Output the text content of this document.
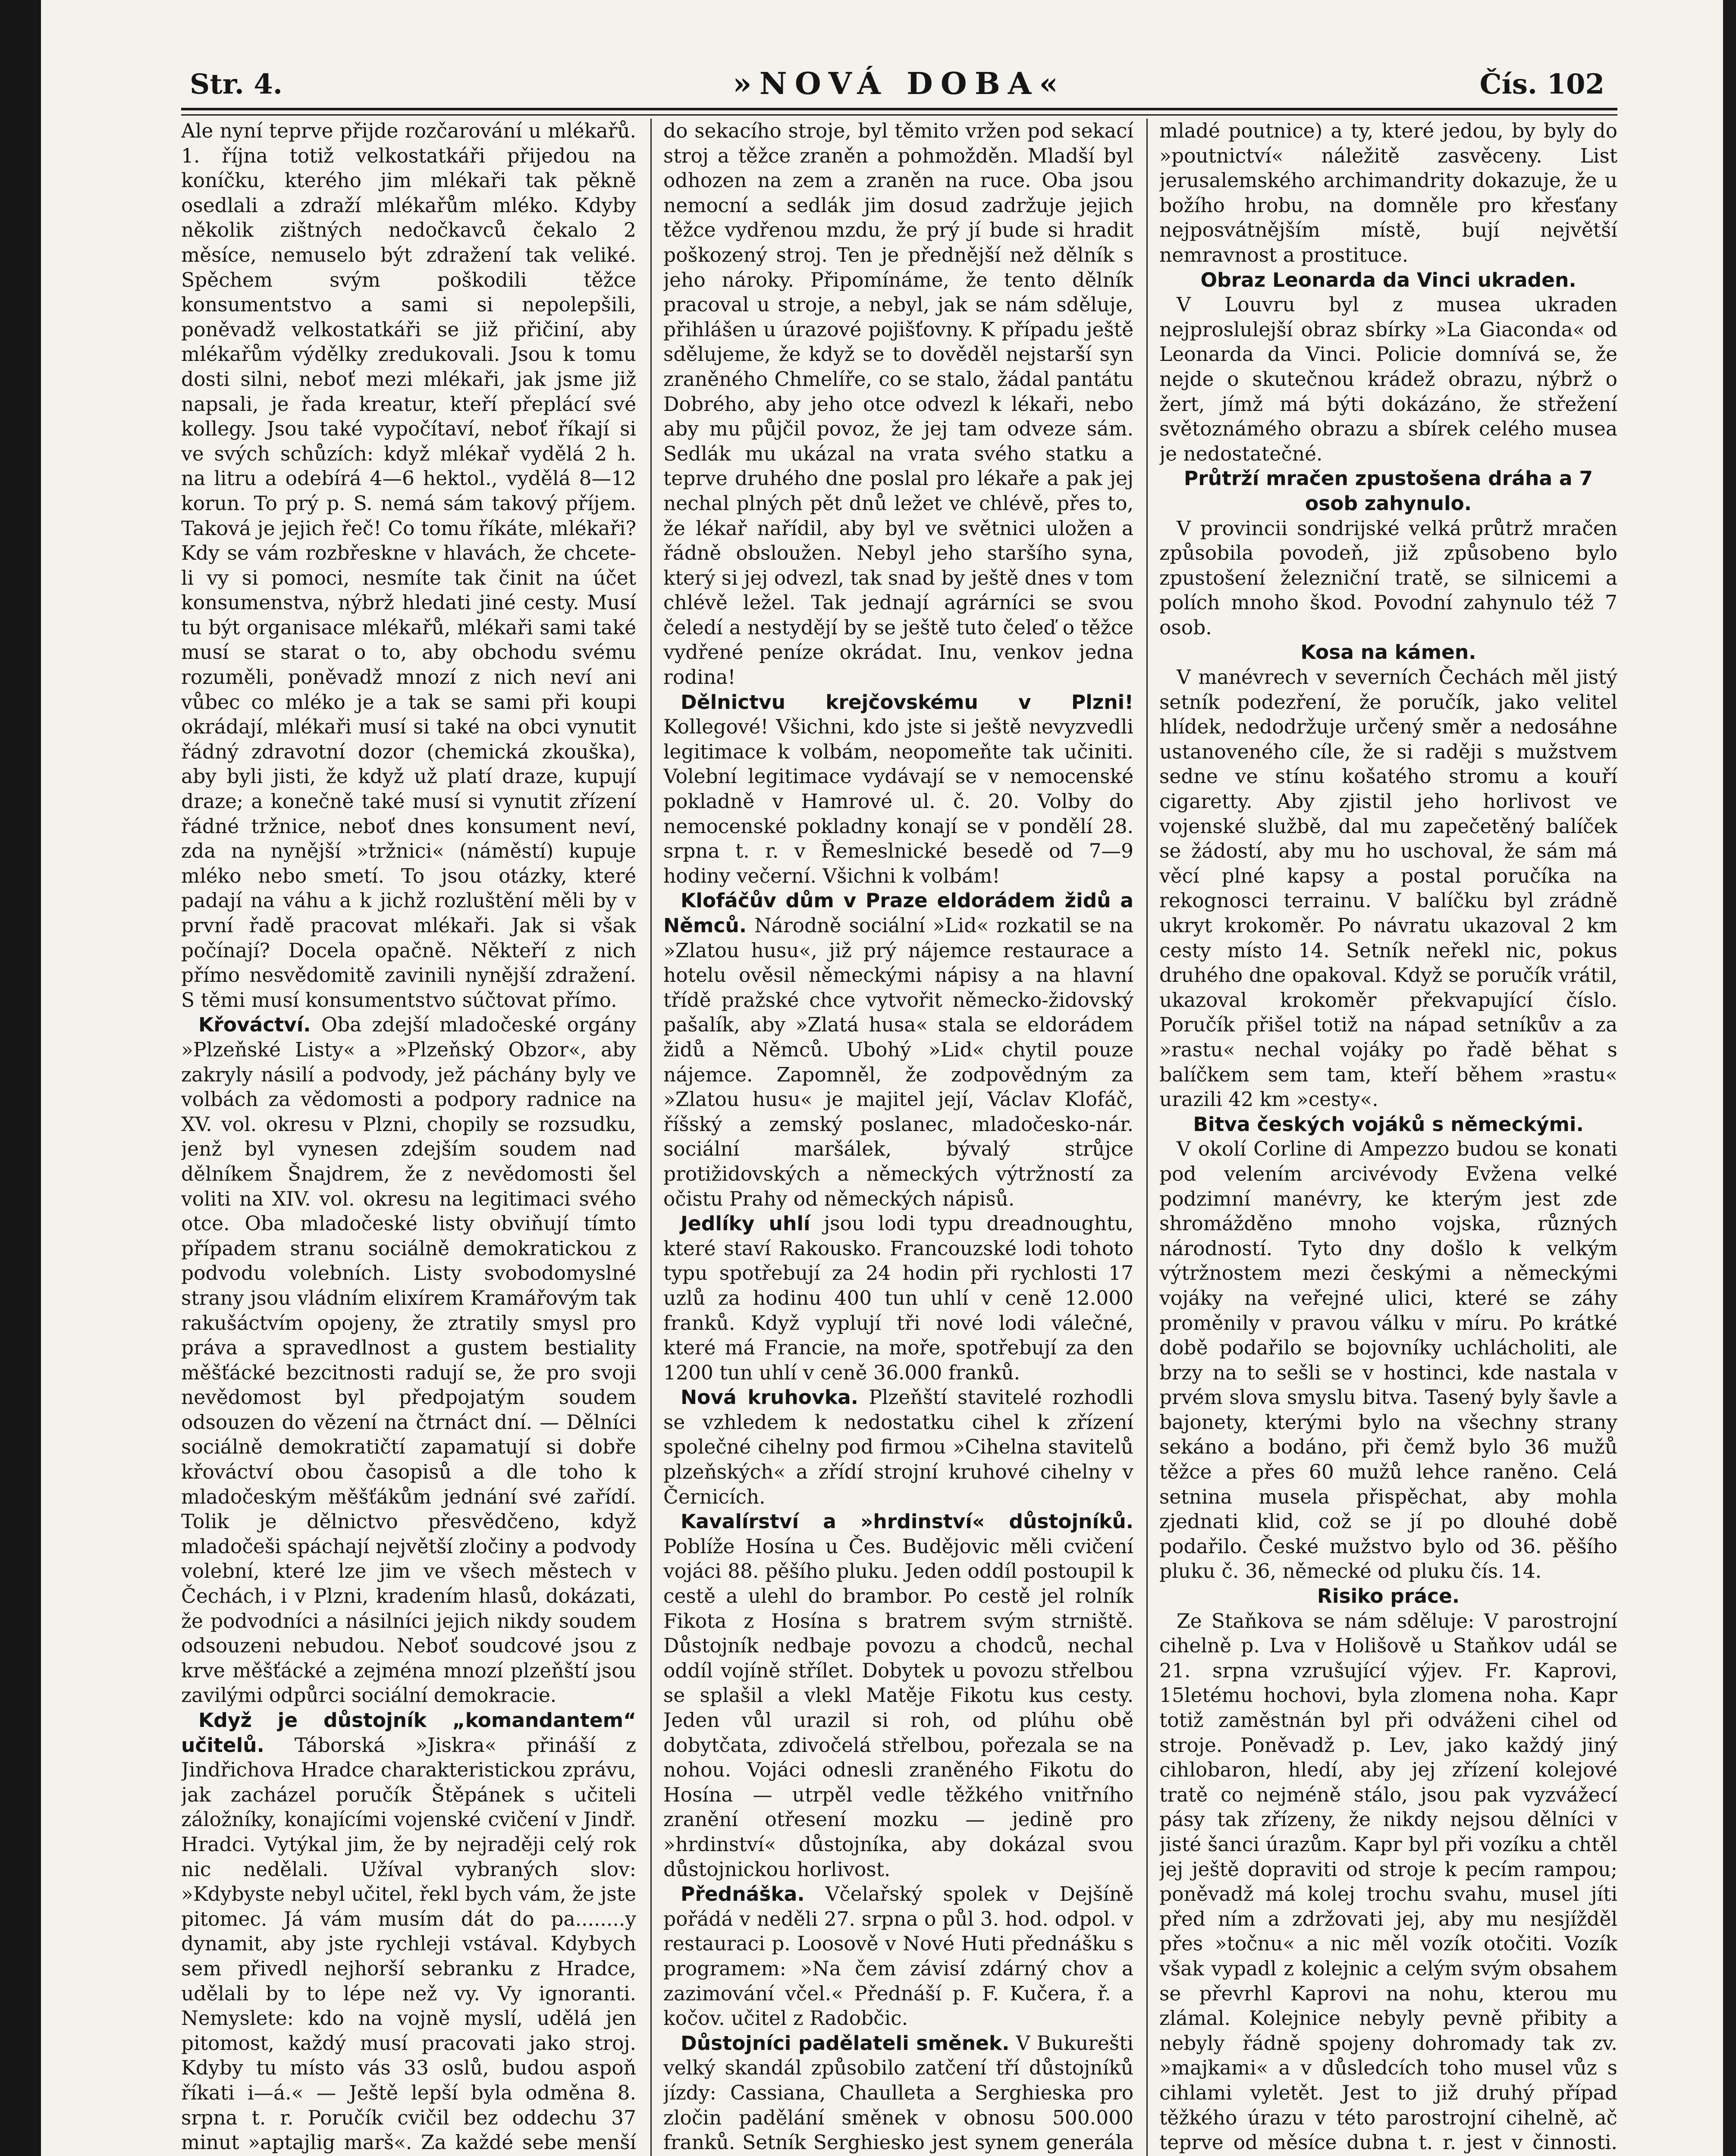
Str. 4.	»NOVÁ DOBA«	Čís. 102

Ale nyní teprve přijde rozčarování u mlékařů. 1. října totiž velkostatkáři přijedou na koníčku, kterého jim mlékaři tak pěkně osedlali a zdraží mlékařům mléko. Kdyby několik zištných nedočkavců čekalo 2 měsíce, nemuselo být zdražení tak veliké. Spěchem svým poškodili těžce konsumentstvo a sami si nepolepšili, poněvadž velkostatkáři se již přičiní, aby mlékařům výdělky zredukovali. Jsou k tomu dosti silni, neboť mezi mlékaři, jak jsme již napsali, je řada kreatur, kteří přeplácí své kollegy. Jsou také vypočítaví, neboť říkají si ve svých schůzích: když mlékař vydělá 2 h. na litru a odebírá 4—6 hektol., vydělá 8—12 korun. To prý p. S. nemá sám takový příjem. Taková je jejich řeč! Co tomu říkáte, mlékaři? Kdy se vám rozbřeskne v hlavách, že chcete-li vy si pomoci, nesmíte tak činit na účet konsumenstva, nýbrž hledati jiné cesty. Musí tu být organisace mlékařů, mlékaři sami také musí se starat o to, aby obchodu svému rozuměli, poněvadž mnozí z nich neví ani vůbec co mléko je a tak se sami při koupi okrádají, mlékaři musí si také na obci vynutit řádný zdravotní dozor (chemická zkouška), aby byli jisti, že když už platí draze, kupují draze; a konečně také musí si vynutit zřízení řádné tržnice, neboť dnes konsument neví, zda na nynější »tržnici« (náměstí) kupuje mléko nebo smetí. To jsou otázky, které padají na váhu a k jichž rozluštění měli by v první řadě pracovat mlékaři. Jak si však počínají? Docela opačně. Někteří z nich přímo nesvědomitě zavinili nynější zdražení. S těmi musí konsumentstvo súčtovat přímo.

Křováctví. Oba zdejší mladočeské orgány »Plzeňské Listy« a »Plzeňský Obzor«, aby zakryly násilí a podvody, jež páchány byly ve volbách za vědomosti a podpory radnice na XV. vol. okresu v Plzni, chopily se rozsudku, jenž byl vynesen zdejším soudem nad dělníkem Šnajdrem, že z nevědomosti šel voliti na XIV. vol. okresu na legitimaci svého otce. Oba mladočeské listy obviňují tímto případem stranu sociálně demokratickou z podvodu volebních. Listy svobodomyslné strany jsou vládním elixírem Kramářovým tak rakušáctvím opojeny, že ztratily smysl pro práva a spravedlnost a gustem bestiality měšťácké bezcitnosti radují se, že pro svoji nevědomost byl předpojatým soudem odsouzen do vězení na čtrnáct dní. — Dělníci sociálně demokratičtí zapamatují si dobře křováctví obou časopisů a dle toho k mladočeským měšťákům jednání své zařídí. Tolik je dělnictvo přesvědčeno, když mladočeši spáchají největší zločiny a podvody volební, které lze jim ve všech městech v Čechách, i v Plzni, kradením hlasů, dokázati, že podvodníci a násilníci jejich nikdy soudem odsouzeni nebudou. Neboť soudcové jsou z krve měšťácké a zejména mnozí plzeňští jsou zavilými odpůrci sociální demokracie.

Když je důstojník „komandantem“ učitelů. Táborská »Jiskra« přináší z Jindřichova Hradce charakteristickou zprávu, jak zacházel poručík Štěpánek s učiteli záložníky, konajícími vojenské cvičení v Jindř. Hradci. Vytýkal jim, že by nejraději celý rok nic nedělali. Užíval vybraných slov: »Kdybyste nebyl učitel, řekl bych vám, že jste pitomec. Já vám musím dát do pa........y dynamit, aby jste rychleji vstával. Kdybych sem přivedl nejhorší sebranku z Hradce, udělali by to lépe než vy. Vy ignoranti. Nemyslete: kdo na vojně myslí, udělá jen pitomost, každý musí pracovati jako stroj. Kdyby tu místo vás 33 oslů, budou aspoň říkati i—á.« — Ještě lepší byla odměna 8. srpna t. r. Poručík cvičil bez oddechu 37 minut »aptajlig marš«. Za každé sebe menší

do sekacího stroje, byl těmito vržen pod sekací stroj a těžce zraněn a pohmožděn. Mladší byl odhozen na zem a zraněn na ruce. Oba jsou nemocní a sedlák jim dosud zadržuje jejich těžce vydřenou mzdu, že prý jí bude si hradit poškozený stroj. Ten je přednější než dělník s jeho nároky. Připomínáme, že tento dělník pracoval u stroje, a nebyl, jak se nám sděluje, přihlášen u úrazové pojišťovny. K případu ještě sdělujeme, že když se to dověděl nejstarší syn zraněného Chmelíře, co se stalo, žádal pantátu Dobrého, aby jeho otce odvezl k lékaři, nebo aby mu půjčil povoz, že jej tam odveze sám. Sedlák mu ukázal na vrata svého statku a teprve druhého dne poslal pro lékaře a pak jej nechal plných pět dnů ležet ve chlévě, přes to, že lékař nařídil, aby byl ve světnici uložen a řádně obsloužen. Nebyl jeho staršího syna, který si jej odvezl, tak snad by ještě dnes v tom chlévě ležel. Tak jednají agrárníci se svou čeledí a nestydějí by se ještě tuto čeleď o těžce vydřené peníze okrádat. Inu, venkov jedna rodina!

Dělnictvu krejčovskému v Plzni! Kollegové! Všichni, kdo jste si ještě nevyzvedli legitimace k volbám, neopomeňte tak učiniti. Volební legitimace vydávají se v nemocenské pokladně v Hamrové ul. č. 20. Volby do nemocenské pokladny konají se v pondělí 28. srpna t. r. v Řemeslnické besedě od 7—9 hodiny večerní. Všichni k volbám!

Klofáčův dům v Praze eldorádem židů a Němců. Národně sociální »Lid« rozkatil se na »Zlatou husu«, již prý nájemce restaurace a hotelu ověsil německými nápisy a na hlavní třídě pražské chce vytvořit německo-židovský pašalík, aby »Zlatá husa« stala se eldorádem židů a Němců. Ubohý »Lid« chytil pouze nájemce. Zapomněl, že zodpovědným za »Zlatou husu« je majitel její, Václav Klofáč, říšský a zemský poslanec, mladočesko-nár. sociální maršálek, bývalý strůjce protižidovských a německých výtržností za očistu Prahy od německých nápisů.

Jedlíky uhlí jsou lodi typu dreadnoughtu, které staví Rakousko. Francouzské lodi tohoto typu spotřebují za 24 hodin při rychlosti 17 uzlů za hodinu 400 tun uhlí v ceně 12.000 franků. Když vyplují tři nové lodi válečné, které má Francie, na moře, spotřebují za den 1200 tun uhlí v ceně 36.000 franků.

Nová kruhovka. Plzeňští stavitelé rozhodli se vzhledem k nedostatku cihel k zřízení společné cihelny pod firmou »Cihelna stavitelů plzeňských« a zřídí strojní kruhové cihelny v Černicích.

Kavalírství a »hrdinství« důstojníků. Poblíže Hosína u Čes. Budějovic měli cvičení vojáci 88. pěšího pluku. Jeden oddíl postoupil k cestě a ulehl do brambor. Po cestě jel rolník Fikota z Hosína s bratrem svým strniště. Důstojník nedbaje povozu a chodců, nechal oddíl vojíně střílet. Dobytek u povozu střelbou se splašil a vlekl Matěje Fikotu kus cesty. Jeden vůl urazil si roh, od plúhu obě dobytčata, zdivočelá střelbou, pořezala se na nohou. Vojáci odnesli zraněného Fikotu do Hosína — utrpěl vedle těžkého vnitřního zranění otřesení mozku — jedině pro »hrdinství« důstojníka, aby dokázal svou důstojnickou horlivost.

Přednáška. Včelařský spolek v Dejšíně pořádá v neděli 27. srpna o půl 3. hod. odpol. v restauraci p. Loosově v Nové Huti přednášku s programem: »Na čem závisí zdárný chov a zazimování včel.« Přednáší p. F. Kučera, ř. a kočov. učitel z Radobčic.

Důstojníci padělateli směnek. V Bukurešti velký skandál způsobilo zatčení tří důstojníků jízdy: Cassiana, Chaulleta a Serghieska pro zločin padělání směnek v obnosu 500.000 franků. Setník Serghiesko jest synem generála

mladé poutnice) a ty, které jedou, by byly do »poutnictví« náležitě zasvěceny. List jerusalemského archimandrity dokazuje, že u božího hrobu, na domněle pro křesťany nejposvátnějším místě, bují největší nemravnost a prostituce.

Obraz Leonarda da Vinci ukraden.

V Louvru byl z musea ukraden nejproslulejší obraz sbírky »La Giaconda« od Leonarda da Vinci. Policie domnívá se, že nejde o skutečnou krádež obrazu, nýbrž o žert, jímž má býti dokázáno, že střežení světoznámého obrazu a sbírek celého musea je nedostatečné.

Průtrží mračen zpustošena dráha a 7 osob zahynulo.

V provincii sondrijské velká průtrž mračen způsobila povodeň, již způsobeno bylo zpustošení železniční tratě, se silnicemi a polích mnoho škod. Povodní zahynulo též 7 osob.

Kosa na kámen.

V manévrech v severních Čechách měl jistý setník podezření, že poručík, jako velitel hlídek, nedodržuje určený směr a nedosáhne ustanoveného cíle, že si raději s mužstvem sedne ve stínu košatého stromu a kouří cigaretty. Aby zjistil jeho horlivost ve vojenské službě, dal mu zapečetěný balíček se žádostí, aby mu ho uschoval, že sám má věcí plné kapsy a postal poručíka na rekognosci terrainu. V balíčku byl zrádně ukryt krokoměr. Po návratu ukazoval 2 km cesty místo 14. Setník neřekl nic, pokus druhého dne opakoval. Když se poručík vrátil, ukazoval krokoměr překvapující číslo. Poručík přišel totiž na nápad setníkův a za »rastu« nechal vojáky po řadě běhat s balíčkem sem tam, kteří během »rastu« urazili 42 km »cesty«.

Bitva českých vojáků s německými.

V okolí Corline di Ampezzo budou se konati pod velením arcivévody Evžena velké podzimní manévry, ke kterým jest zde shromážděno mnoho vojska, různých národností. Tyto dny došlo k velkým výtržnostem mezi českými a německými vojáky na veřejné ulici, které se záhy proměnily v pravou válku v míru. Po krátké době podařilo se bojovníky uchlácholiti, ale brzy na to sešli se v hostinci, kde nastala v prvém slova smyslu bitva. Tasený byly šavle a bajonety, kterými bylo na všechny strany sekáno a bodáno, při čemž bylo 36 mužů těžce a přes 60 mužů lehce raněno. Celá setnina musela přispěchat, aby mohla zjednati klid, což se jí po dlouhé době podařilo. České mužstvo bylo od 36. pěšího pluku č. 36, německé od pluku čís. 14.

Risiko práce.

Ze Staňkova se nám sděluje: V parostrojní cihelně p. Lva v Holišově u Staňkov udál se 21. srpna vzrušující výjev. Fr. Kaprovi, 15letému hochovi, byla zlomena noha. Kapr totiž zaměstnán byl při odváženi cihel od stroje. Poněvadž p. Lev, jako každý jiný cihlobaron, hledí, aby jej zřízení kolejové tratě co nejméně stálo, jsou pak vyzvážecí pásy tak zřízeny, že nikdy nejsou dělníci v jisté šanci úrazům. Kapr byl při vozíku a chtěl jej ještě dopraviti od stroje k pecím rampou; poněvadž má kolej trochu svahu, musel jíti před ním a zdržovati jej, aby mu nesjížděl přes »točnu« a nic měl vozík otočiti. Vozík však vypadl z kolejnic a celým svým obsahem se převrhl Kaprovi na nohu, kterou mu zlámal. Kolejnice nebyly pevně přibity a nebyly řádně spojeny dohromady tak zv. »majkami« a v důsledcích toho musel vůz s cihlami vyletět. Jest to již druhý případ těžkého úrazu v této parostrojní cihelně, ač teprve od měsíce dubna t. r. jest v činnosti.
